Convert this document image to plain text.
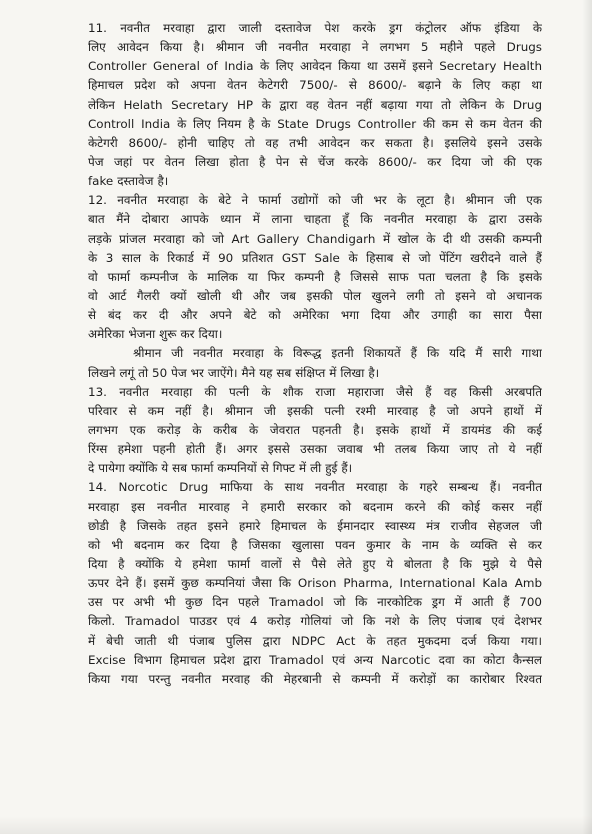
11. नवनीत मरवाहा द्वारा जाली दस्तावेज पेश करके ड्रग कंट्रोलर ऑफ इंडिया के
लिए आवेदन किया है। श्रीमान जी नवनीत मरवाहा ने लगभग 5 महीने पहले Drugs
Controller General of India के लिए आवेदन किया था उसमें इसने Secretary Health
हिमाचल प्रदेश को अपना वेतन केटेगरी 7500/- से 8600/- बढ़ाने के लिए कहा था
लेकिन Helath Secretary HP के द्वारा वह वेतन नहीं बढ़ाया गया तो लेकिन के Drug
Controll India के लिए नियम है के State Drugs Controller की कम से कम वेतन की
केटेगरी 8600/- होनी चाहिए तो वह तभी आवेदन कर सकता है। इसलिये इसने उसके
पेज जहां पर वेतन लिखा होता है पेन से चेंज करके 8600/- कर दिया जो की एक
fake दस्तावेज है।
12. नवनीत मरवाहा के बेटे ने फार्मा उद्योगों को जी भर के लूटा है। श्रीमान जी एक
बात मैंने दोबारा आपके ध्यान में लाना चाहता हूँ कि नवनीत मरवाहा के द्वारा उसके
लड़के प्रांजल मरवाहा को जो Art Gallery Chandigarh में खोल के दी थी उसकी कम्पनी
के 3 साल के रिकार्ड में 90 प्रतिशत GST Sale के हिसाब से जो पेंटिंग खरीदने वाले हैं
वो फार्मा कम्पनीज के मालिक या फिर कम्पनी है जिससे साफ पता चलता है कि इसके
वो आर्ट गैलरी क्यों खोली थी और जब इसकी पोल खुलने लगी तो इसने वो अचानक
से बंद कर दी और अपने बेटे को अमेरिका भगा दिया और उगाही का सारा पैसा
अमेरिका भेजना शुरू कर दिया।
श्रीमान जी नवनीत मरवाहा के विरूद्ध इतनी शिकायतें हैं कि यदि मैं सारी गाथा
लिखने लगूं तो 50 पेज भर जाऐंगे। मैने यह सब संक्षिप्त में लिखा है।
13. नवनीत मरवाहा की पत्नी के शौक राजा महाराजा जैसे हैं वह किसी अरबपति
परिवार से कम नहीं है। श्रीमान जी इसकी पत्नी रश्मी मारवाह है जो अपने हाथों में
लगभग एक करोड़ के करीब के जेवरात पहनती है। इसके हाथों में डायमंड की कई
रिंग्स हमेशा पहनी होती हैं। अगर इससे उसका जवाब भी तलब किया जाए तो ये नहीं
दे पायेगा क्योंकि ये सब फार्मा कम्पनियों से गिफ्ट में ली हुई हैं।
14. Norcotic Drug माफिया के साथ नवनीत मरवाहा के गहरे सम्बन्ध हैं। नवनीत
मरवाहा इस नवनीत मारवाह ने हमारी सरकार को बदनाम करने की कोई कसर नहीं
छोडी है जिसके तहत इसने हमारे हिमाचल के ईमानदार स्वास्थ्य मंत्र राजीव सेहजल जी
को भी बदनाम कर दिया है जिसका खुलासा पवन कुमार के नाम के व्यक्ति से कर
दिया है क्योंकि ये हमेशा फार्मा वालों से पैसे लेते हुए ये बोलता है कि मुझे ये पैसे
ऊपर देने हैं। इसमें कुछ कम्पनियां जैसा कि Orison Pharma, International Kala Amb
उस पर अभी भी कुछ दिन पहले Tramadol जो कि नारकोटिक ड्रग में आती हैं 700
किलो. Tramadol पाउडर एवं 4 करोड़ गोलियां जो कि नशे के लिए पंजाब एवं देशभर
में बेची जाती थी पंजाब पुलिस द्वारा NDPC Act के तहत मुकदमा दर्ज किया गया।
Excise विभाग हिमाचल प्रदेश द्वारा Tramadol एवं अन्य Narcotic दवा का कोटा कैन्सल
किया गया परन्तु नवनीत मरवाह की मेहरबानी से कम्पनी में करोड़ों का कारोबार रिश्वत
